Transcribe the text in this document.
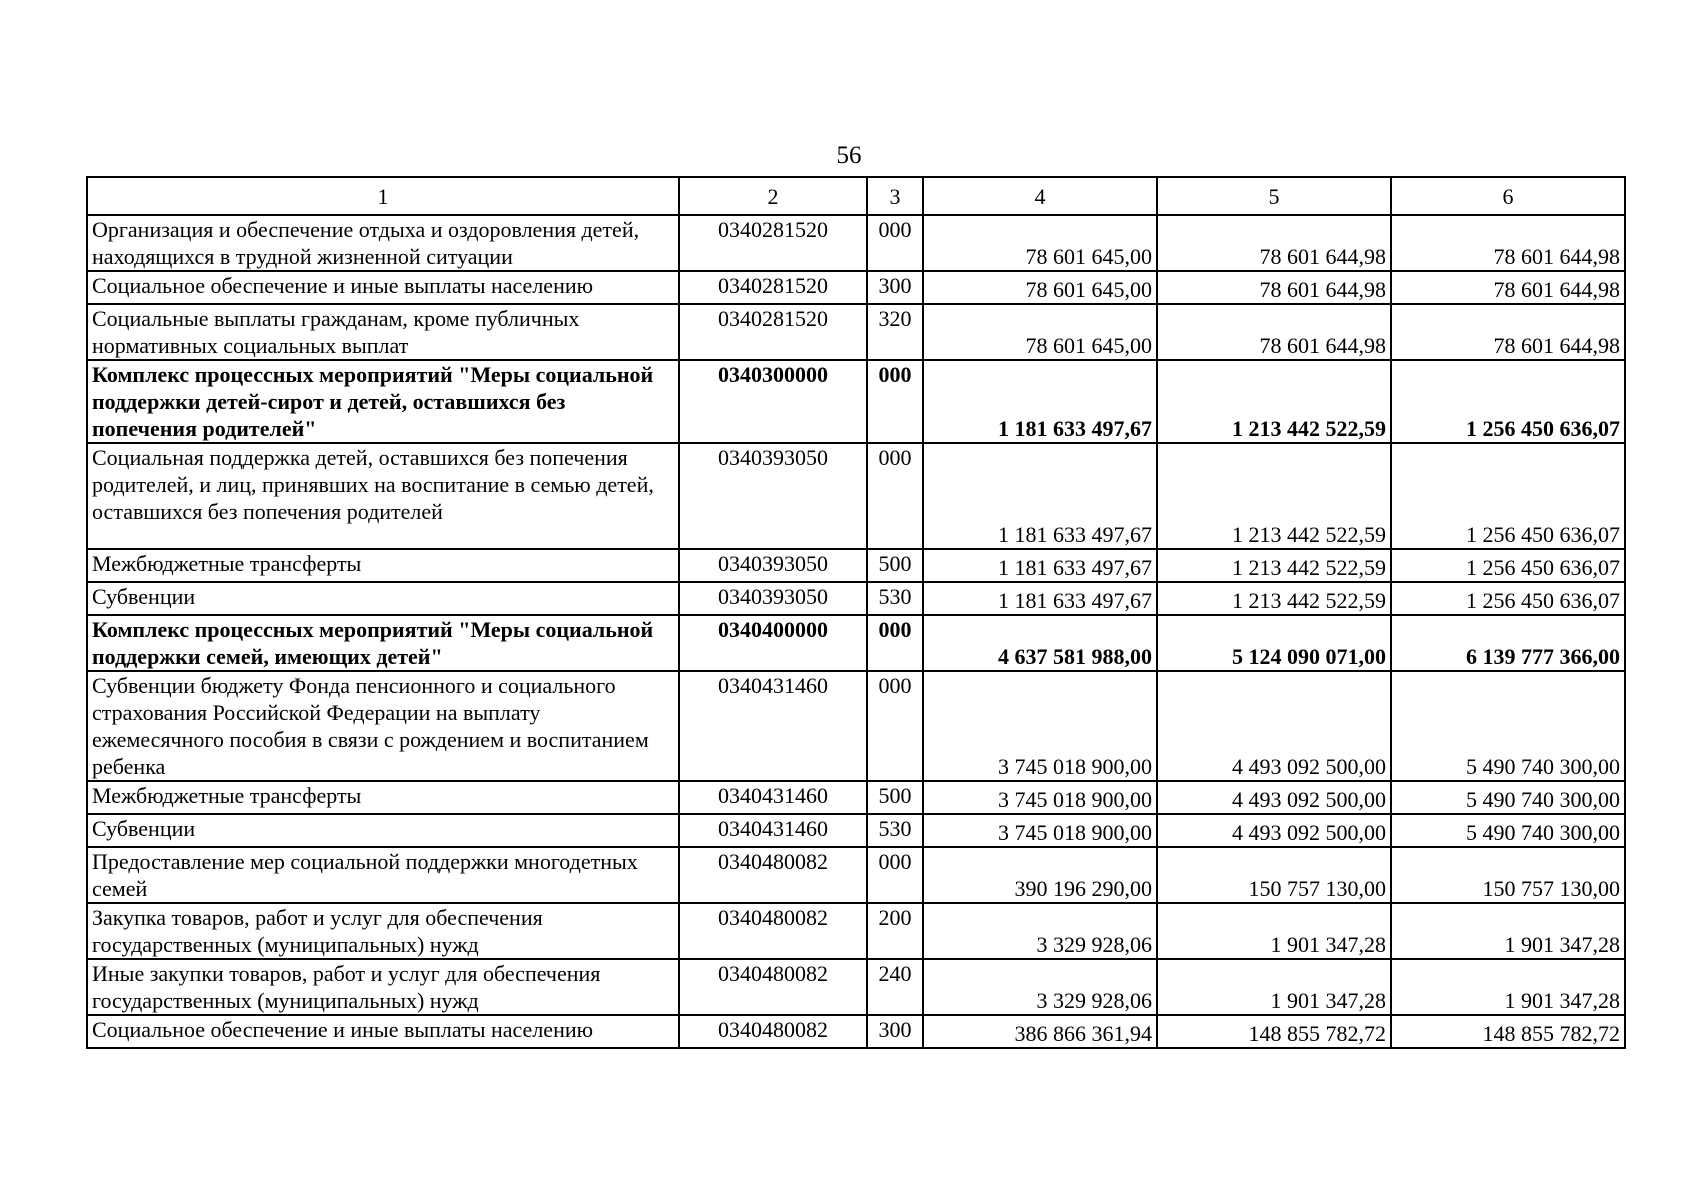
56
1	2	3	4	5	6
Организация и обеспечение отдыха и оздоровления детей, находящихся в трудной жизненной ситуации	0340281520	000	78 601 645,00	78 601 644,98	78 601 644,98
Социальное обеспечение и иные выплаты населению	0340281520	300	78 601 645,00	78 601 644,98	78 601 644,98
Социальные выплаты гражданам, кроме публичных нормативных социальных выплат	0340281520	320	78 601 645,00	78 601 644,98	78 601 644,98
Комплекс процессных мероприятий "Меры социальной поддержки детей-сирот и детей, оставшихся без попечения родителей"	0340300000	000	1 181 633 497,67	1 213 442 522,59	1 256 450 636,07
Социальная поддержка детей, оставшихся без попечения родителей, и лиц, принявших на воспитание в семью детей, оставшихся без попечения родителей	0340393050	000	1 181 633 497,67	1 213 442 522,59	1 256 450 636,07
Межбюджетные трансферты	0340393050	500	1 181 633 497,67	1 213 442 522,59	1 256 450 636,07
Субвенции	0340393050	530	1 181 633 497,67	1 213 442 522,59	1 256 450 636,07
Комплекс процессных мероприятий "Меры социальной поддержки семей, имеющих детей"	0340400000	000	4 637 581 988,00	5 124 090 071,00	6 139 777 366,00
Субвенции бюджету Фонда пенсионного и социального страхования Российской Федерации на выплату ежемесячного пособия в связи с рождением и воспитанием ребенка	0340431460	000	3 745 018 900,00	4 493 092 500,00	5 490 740 300,00
Межбюджетные трансферты	0340431460	500	3 745 018 900,00	4 493 092 500,00	5 490 740 300,00
Субвенции	0340431460	530	3 745 018 900,00	4 493 092 500,00	5 490 740 300,00
Предоставление мер социальной поддержки многодетных семей	0340480082	000	390 196 290,00	150 757 130,00	150 757 130,00
Закупка товаров, работ и услуг для обеспечения государственных (муниципальных) нужд	0340480082	200	3 329 928,06	1 901 347,28	1 901 347,28
Иные закупки товаров, работ и услуг для обеспечения государственных (муниципальных) нужд	0340480082	240	3 329 928,06	1 901 347,28	1 901 347,28
Социальное обеспечение и иные выплаты населению	0340480082	300	386 866 361,94	148 855 782,72	148 855 782,72
